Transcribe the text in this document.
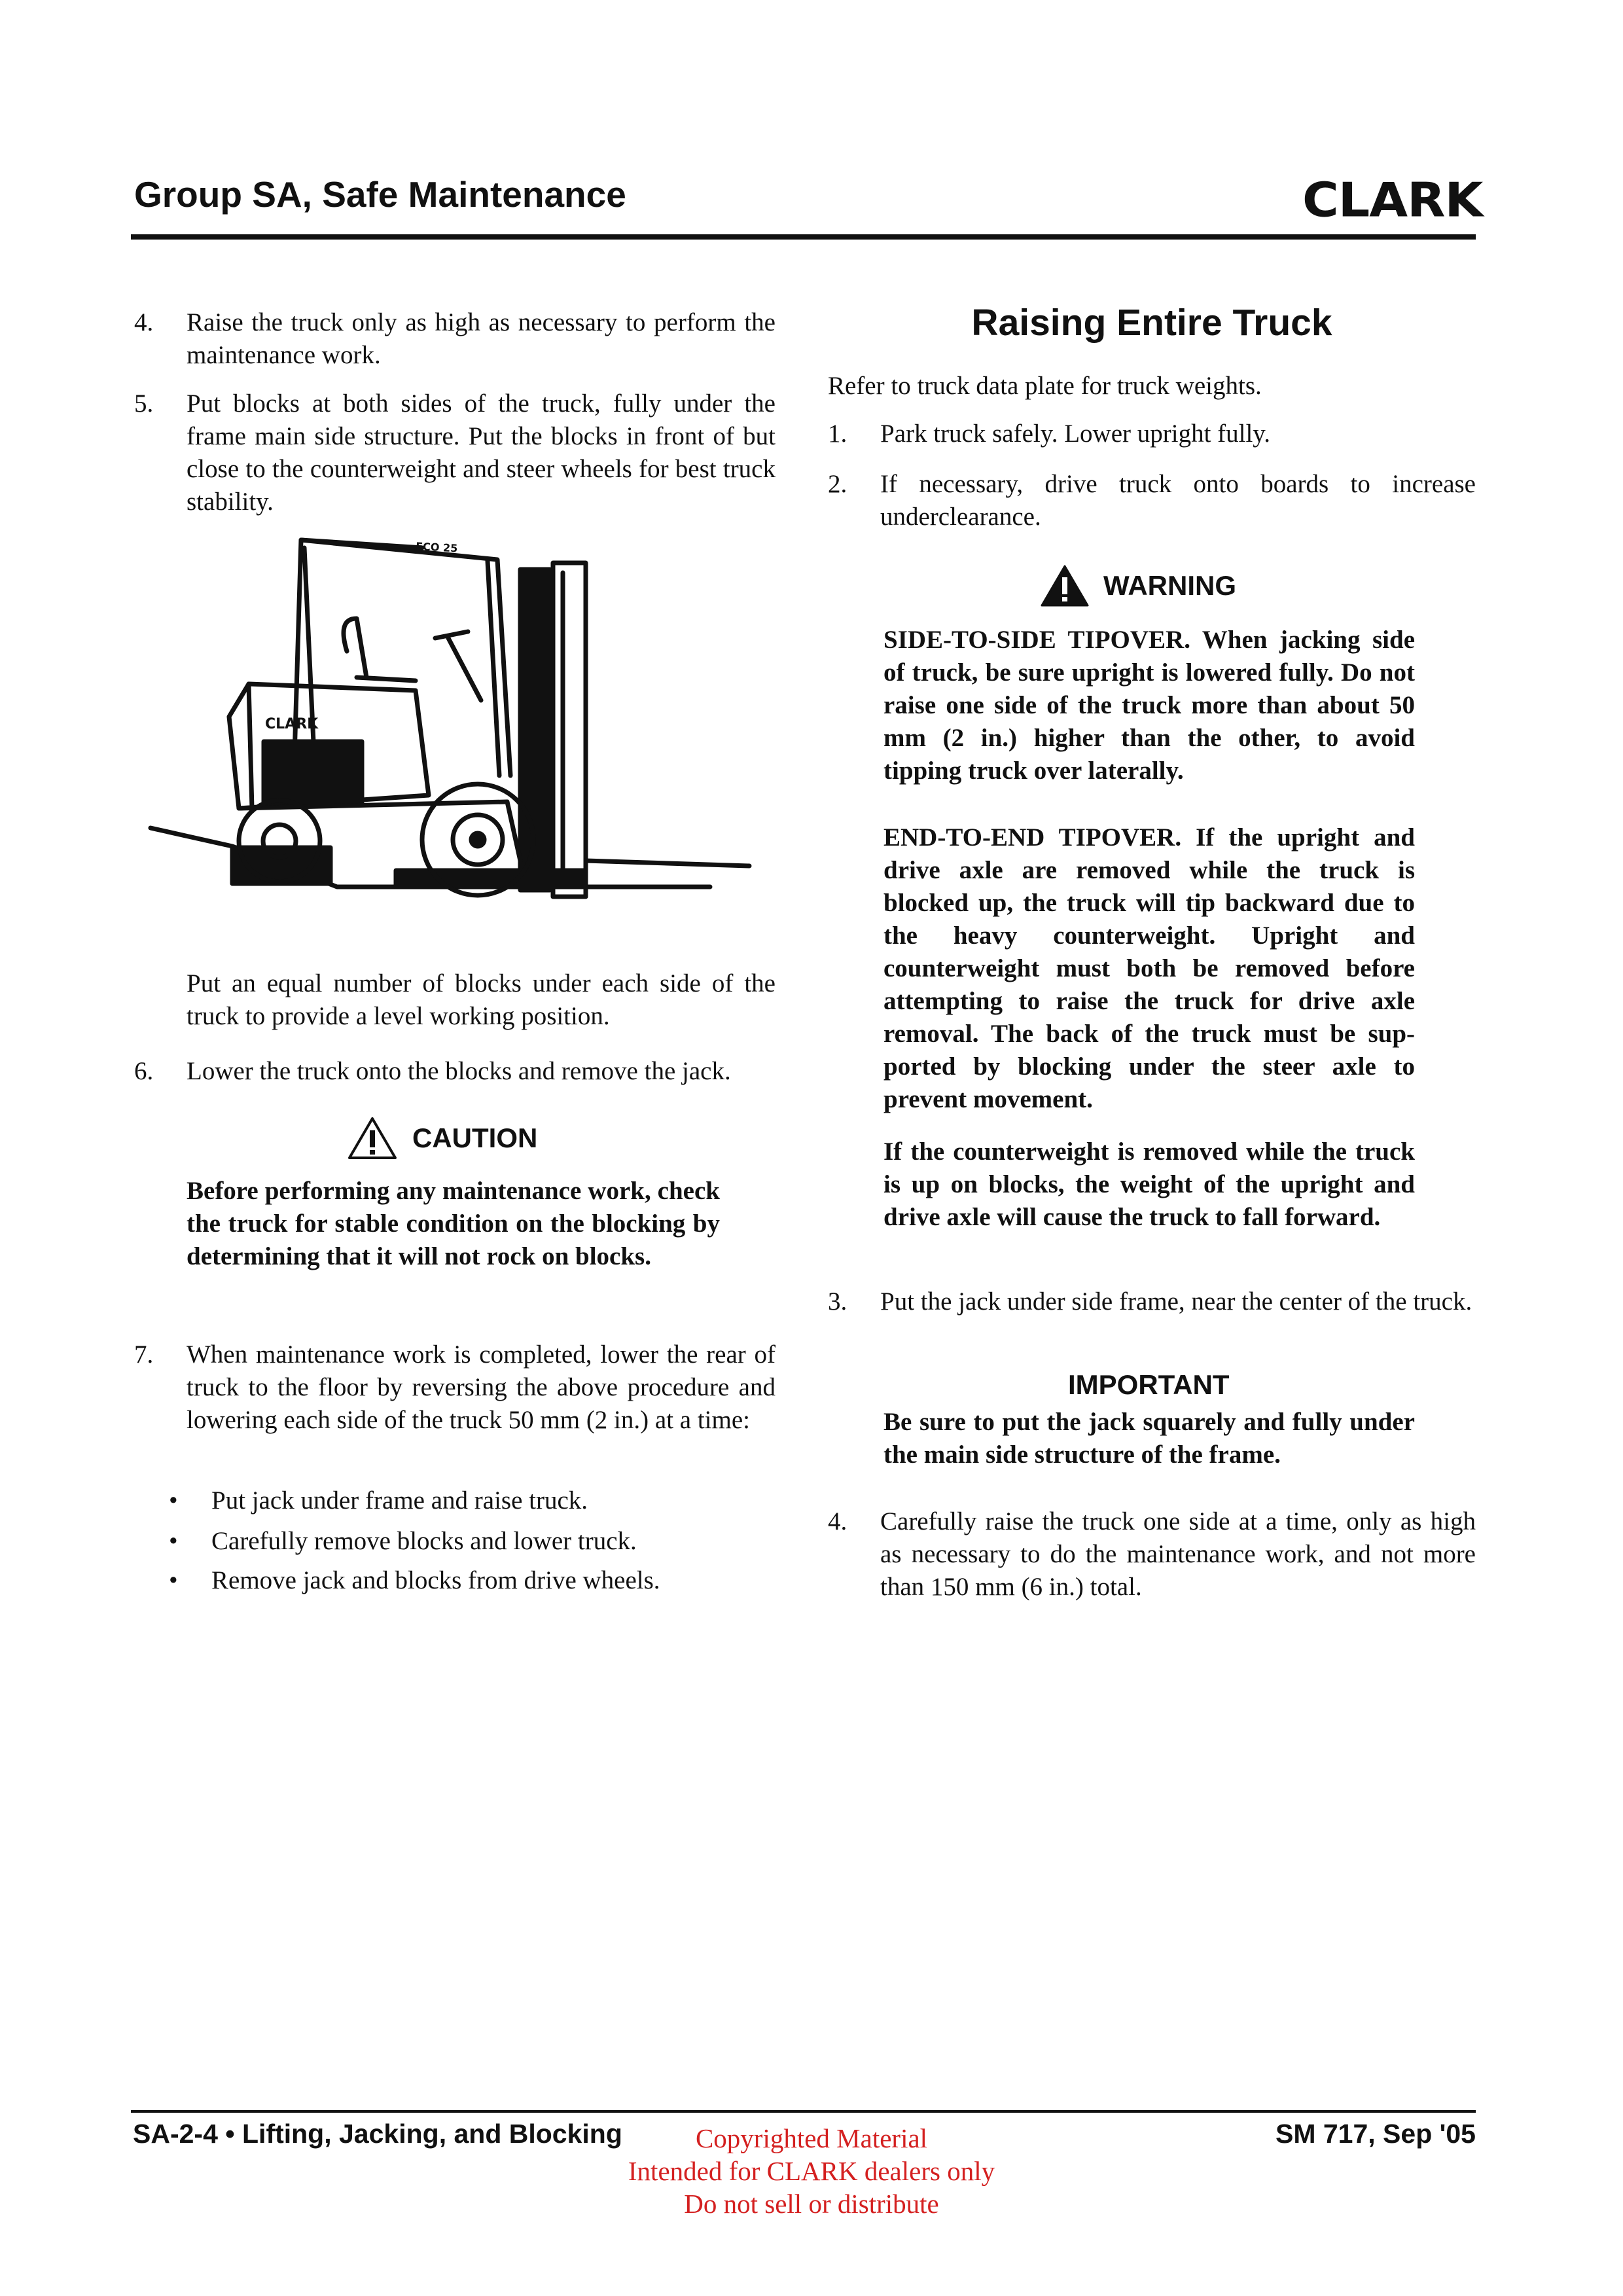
Group SA, Safe Maintenance	CLARK
4.	Raise the truck only as high as necessary to perform the maintenance work.
5.	Put blocks at both sides of the truck, fully under the frame main side structure. Put the blocks in front of but close to the counterweight and steer wheels for best truck stability.
ECO 25
CLARK
Put an equal number of blocks under each side of the truck to provide a level working position.
6.	Lower the truck onto the blocks and remove the jack.
CAUTION
Before performing any maintenance work, check the truck for stable condition on the blocking by determining that it will not rock on blocks.
7.	When maintenance work is completed, lower the rear of truck to the floor by reversing the above procedure and lowering each side of the truck 50 mm (2 in.) at a time:
• Put jack under frame and raise truck.
• Carefully remove blocks and lower truck.
• Remove jack and blocks from drive wheels.
Raising Entire Truck
Refer to truck data plate for truck weights.
1.	Park truck safely. Lower upright fully.
2.	If necessary, drive truck onto boards to increase underclearance.
WARNING
SIDE-TO-SIDE TIPOVER. When jacking side of truck, be sure upright is lowered fully. Do not raise one side of the truck more than about 50 mm (2 in.) higher than the other, to avoid tipping truck over laterally.
END-TO-END TIPOVER. If the upright and drive axle are removed while the truck is blocked up, the truck will tip backward due to the heavy counterweight. Upright and counterweight must both be removed before attempting to raise the truck for drive axle removal. The back of the truck must be sup-ported by blocking under the steer axle to prevent movement.
If the counterweight is removed while the truck is up on blocks, the weight of the upright and drive axle will cause the truck to fall forward.
3.	Put the jack under side frame, near the center of the truck.
IMPORTANT
Be sure to put the jack squarely and fully under the main side structure of the frame.
4.	Carefully raise the truck one side at a time, only as high as necessary to do the maintenance work, and not more than 150 mm (6 in.) total.
SA-2-4 • Lifting, Jacking, and Blocking	SM 717, Sep '05
Copyrighted Material
Intended for CLARK dealers only
Do not sell or distribute
